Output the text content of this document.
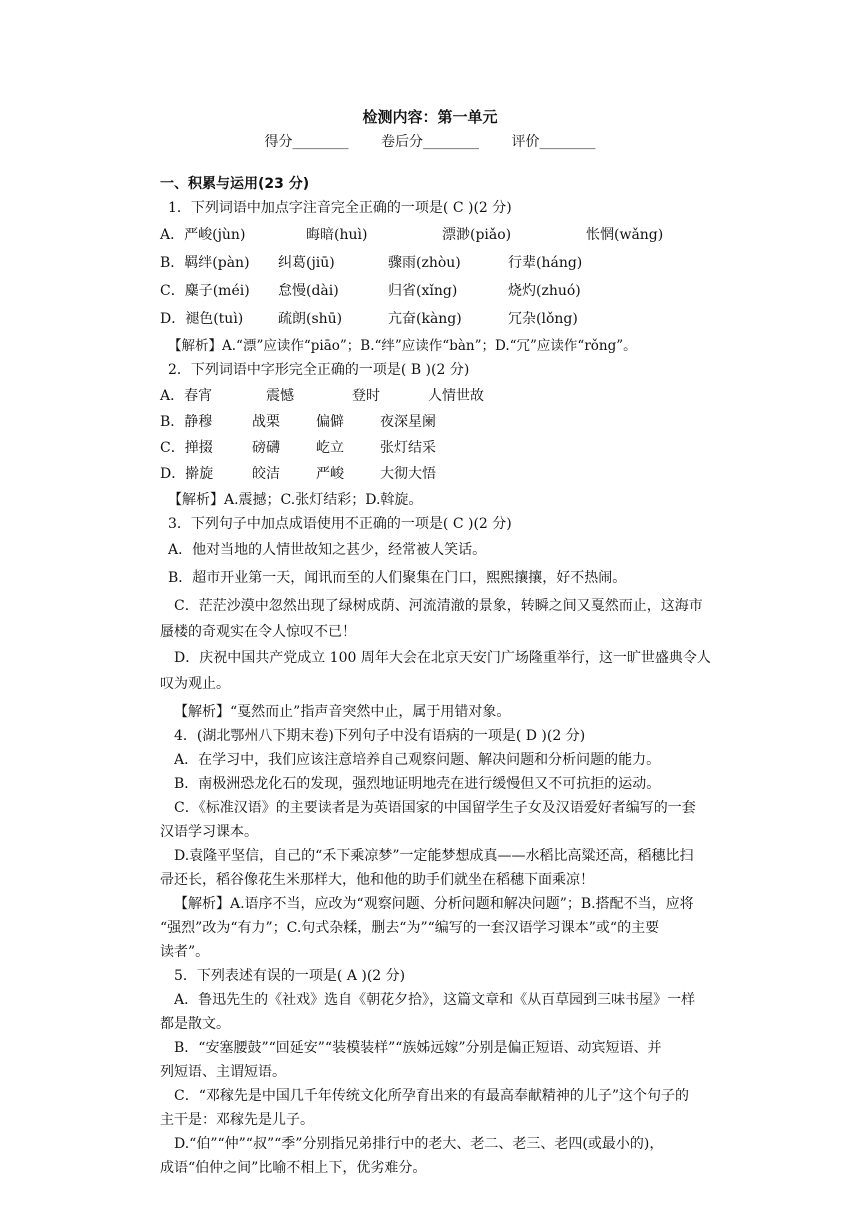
检测内容：第一单元
得分________ 卷后分________ 评价________
一、积累与运用(23 分)
1．下列词语中加点字注音完全正确的一项是( C )(2 分)
A．严峻(jùn)	晦暗(huì)	漂渺(piǎo)	怅惘(wǎng)
B．羁绊(pàn) 纠葛(jiū)	骤雨(zhòu)	行辈(háng)
C．麋子(méi) 怠慢(dài)	归省(xǐng)	烧灼(zhuó)
D．褪色(tuì)	疏朗(shū)	亢奋(kàng)	冗杂(lǒng)
【解析】A.“漂”应读作“piāo”；B.“绊”应读作“bàn”；D.“冗”应读作“rǒng”。
2．下列词语中字形完全正确的一项是( B )(2 分)
A．春宵	震憾	登时	人情世故
B．静穆	战栗	偏僻	夜深星阑
C．掸掇	磅礴	屹立	张灯结采
D．擀旋	皎洁	严峻	大彻大悟
【解析】A.震撼；C.张灯结彩；D.斡旋。
3．下列句子中加点成语使用不正确的一项是( C )(2 分)
A．他对当地的人情世故知之甚少，经常被人笑话。
B．超市开业第一天，闻讯而至的人们聚集在门口，熙熙攘攘，好不热闹。
C．茫茫沙漠中忽然出现了绿树成荫、河流清澈的景象，转瞬之间又戛然而止，这海市
蜃楼的奇观实在令人惊叹不已！
D．庆祝中国共产党成立 100 周年大会在北京天安门广场隆重举行，这一旷世盛典令人
叹为观止。
【解析】“戛然而止”指声音突然中止，属于用错对象。
4．(湖北鄂州八下期末卷)下列句子中没有语病的一项是( D )(2 分)
A．在学习中，我们应该注意培养自己观察问题、解决问题和分析问题的能力。
B．南极洲恐龙化石的发现，强烈地证明地壳在进行缓慢但又不可抗拒的运动。
C．《标准汉语》的主要读者是为英语国家的中国留学生子女及汉语爱好者编写的一套
汉语学习课本。
D.袁隆平坚信，自己的“禾下乘凉梦”一定能梦想成真——水稻比高粱还高，稻穗比扫
帚还长，稻谷像花生米那样大，他和他的助手们就坐在稻穗下面乘凉！
【解析】A.语序不当，应改为“观察问题、分析问题和解决问题”；B.搭配不当，应将
“强烈”改为“有力”；C.句式杂糅，删去“为”“编写的一套汉语学习课本”或“的主要
读者”。
5．下列表述有误的一项是( A )(2 分)
A．鲁迅先生的《社戏》选自《朝花夕拾》，这篇文章和《从百草园到三味书屋》一样
都是散文。
B．“安塞腰鼓”“回延安”“装模装样”“族姊远嫁”分别是偏正短语、动宾短语、并
列短语、主谓短语。
C．“邓稼先是中国几千年传统文化所孕育出来的有最高奉献精神的儿子”这个句子的
主干是：邓稼先是儿子。
D.“伯”“仲”“叔”“季”分别指兄弟排行中的老大、老二、老三、老四(或最小的)，
成语“伯仲之间”比喻不相上下，优劣难分。
